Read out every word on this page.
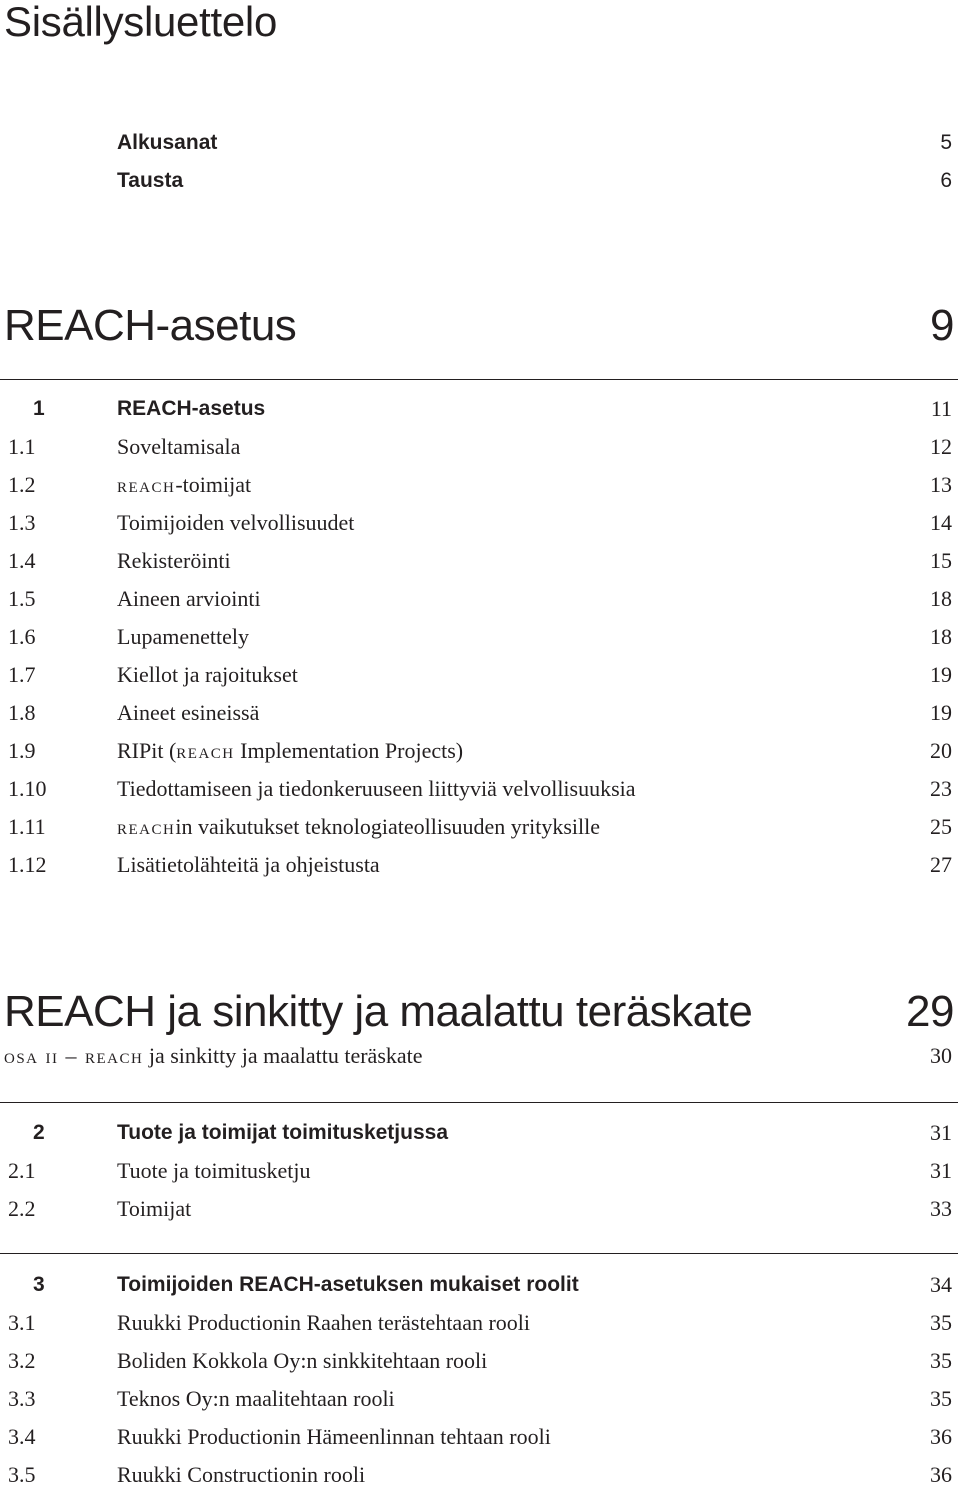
Sisällysluettelo
Alkusanat	5
Tausta	6
REACH-asetus	9
1	REACH-asetus	11
1.1	Soveltamisala	12
1.2	reach-toimijat	13
1.3	Toimijoiden velvollisuudet	14
1.4	Rekisteröinti	15
1.5	Aineen arviointi	18
1.6	Lupamenettely	18
1.7	Kiellot ja rajoitukset	19
1.8	Aineet esineissä	19
1.9	RIPit (reach Implementation Projects)	20
1.10	Tiedottamiseen ja tiedonkeruuseen liittyviä velvollisuuksia	23
1.11	reachin vaikutukset teknologiateollisuuden yrityksille	25
1.12	Lisätietolähteitä ja ohjeistusta	27
REACH ja sinkitty ja maalattu teräskate	29
osa ii – reach ja sinkitty ja maalattu teräskate	30
2	Tuote ja toimijat toimitusketjussa	31
2.1	Tuote ja toimitusketju	31
2.2	Toimijat	33
3	Toimijoiden REACH-asetuksen mukaiset roolit	34
3.1	Ruukki Productionin Raahen terästehtaan rooli	35
3.2	Boliden Kokkola Oy:n sinkkitehtaan rooli	35
3.3	Teknos Oy:n maalitehtaan rooli	35
3.4	Ruukki Productionin Hämeenlinnan tehtaan rooli	36
3.5	Ruukki Constructionin rooli	36
